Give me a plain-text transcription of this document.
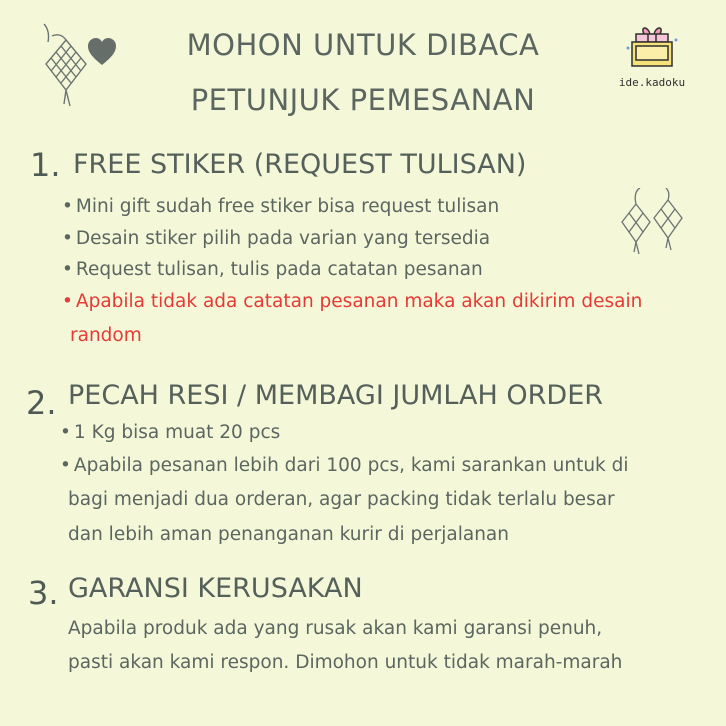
MOHON UNTUK DIBACA
PETUNJUK PEMESANAN
ide.kadoku
1. FREE STIKER (REQUEST TULISAN)
• Mini gift sudah free stiker bisa request tulisan
• Desain stiker pilih pada varian yang tersedia
• Request tulisan, tulis pada catatan pesanan
• Apabila tidak ada catatan pesanan maka akan dikirim desain
random
2. PECAH RESI / MEMBAGI JUMLAH ORDER
• 1 Kg bisa muat 20 pcs
• Apabila pesanan lebih dari 100 pcs, kami sarankan untuk di
bagi menjadi dua orderan, agar packing tidak terlalu besar
dan lebih aman penanganan kurir di perjalanan
3. GARANSI KERUSAKAN
Apabila produk ada yang rusak akan kami garansi penuh,
pasti akan kami respon. Dimohon untuk tidak marah-marah
